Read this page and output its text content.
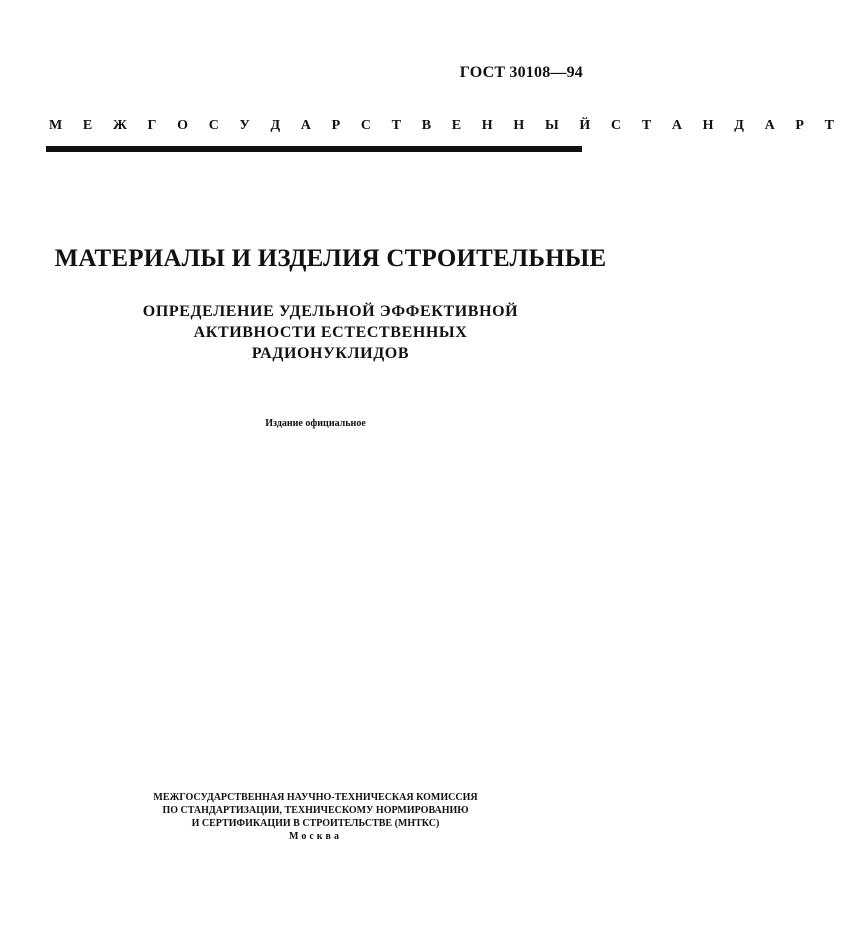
ГОСТ 30108—94
М Е Ж Г О С У Д А Р С Т В Е Н Н Ы Й С Т А Н Д А Р Т
МАТЕРИАЛЫ И ИЗДЕЛИЯ СТРОИТЕЛЬНЫЕ
ОПРЕДЕЛЕНИЕ УДЕЛЬНОЙ ЭФФЕКТИВНОЙ
АКТИВНОСТИ ЕСТЕСТВЕННЫХ
РАДИОНУКЛИДОВ
Издание официальное
МЕЖГОСУДАРСТВЕННАЯ НАУЧНО-ТЕХНИЧЕСКАЯ КОМИССИЯ
ПО СТАНДАРТИЗАЦИИ, ТЕХНИЧЕСКОМУ НОРМИРОВАНИЮ
И СЕРТИФИКАЦИИ В СТРОИТЕЛЬСТВЕ (МНТКС)
Москва
